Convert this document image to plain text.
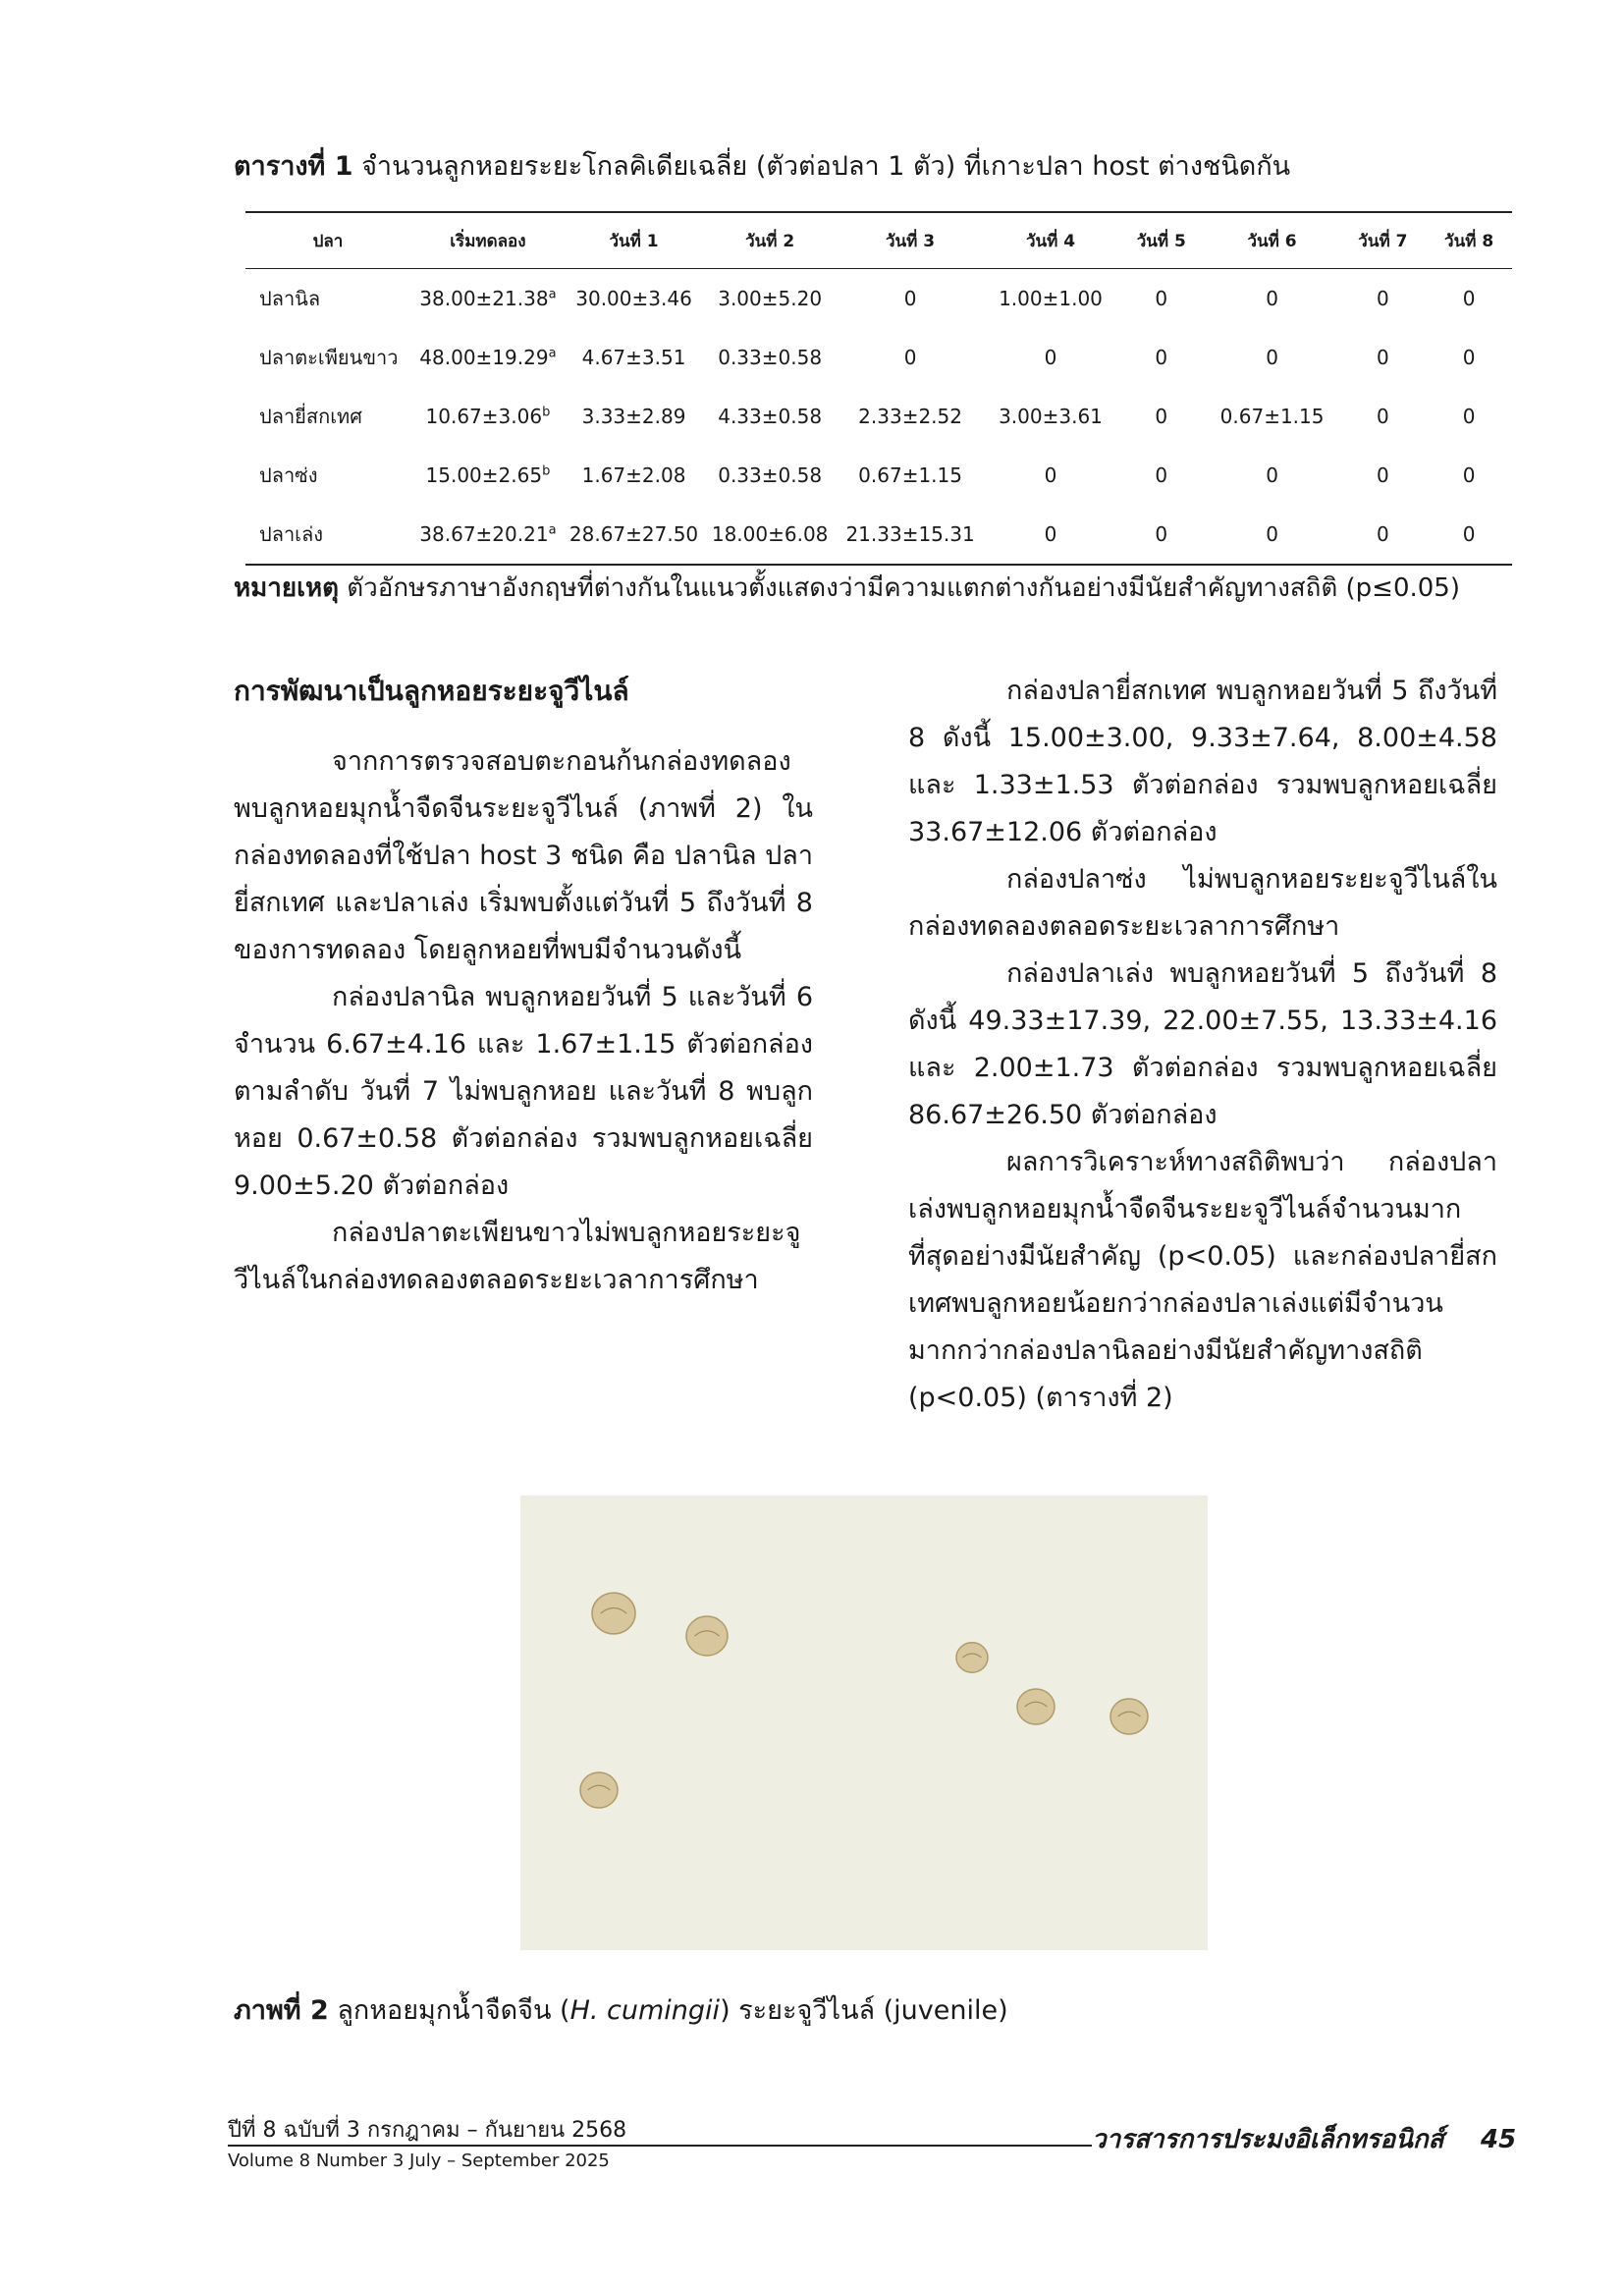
ตารางที่ 1 จำนวนลูกหอยระยะโกลคิเดียเฉลี่ย (ตัวต่อปลา 1 ตัว) ที่เกาะปลา host ต่างชนิดกัน
ปลา	เริ่มทดลอง	วันที่ 1	วันที่ 2	วันที่ 3	วันที่ 4	วันที่ 5	วันที่ 6	วันที่ 7	วันที่ 8
ปลานิล	38.00±21.38$^a$	30.00±3.46	3.00±5.20	0	1.00±1.00	0	0	0	0
ปลาตะเพียนขาว	48.00±19.29$^a$	4.67±3.51	0.33±0.58	0	0	0	0	0	0
ปลายี่สกเทศ	10.67±3.06$^b$	3.33±2.89	4.33±0.58	2.33±2.52	3.00±3.61	0	0.67±1.15	0	0
ปลาซ่ง	15.00±2.65$^b$	1.67±2.08	0.33±0.58	0.67±1.15	0	0	0	0	0
ปลาเล่ง	38.67±20.21$^a$	28.67±27.50	18.00±6.08	21.33±15.31	0	0	0	0	0
หมายเหตุ ตัวอักษรภาษาอังกฤษที่ต่างกันในแนวตั้งแสดงว่ามีความแตกต่างกันอย่างมีนัยสำคัญทางสถิติ (p≤0.05)

การพัฒนาเป็นลูกหอยระยะจูวีไนล์

จากการตรวจสอบตะกอนก้นกล่องทดลอง พบลูกหอยมุกน้ำจืดจีนระยะจูวีไนล์ (ภาพที่ 2) ในกล่องทดลองที่ใช้ปลา host 3 ชนิด คือ ปลานิล ปลายี่สกเทศ และปลาเล่ง เริ่มพบตั้งแต่วันที่ 5 ถึงวันที่ 8 ของการทดลอง โดยลูกหอยที่พบมีจำนวนดังนี้

กล่องปลานิล พบลูกหอยวันที่ 5 และวันที่ 6 จำนวน 6.67±4.16 และ 1.67±1.15 ตัวต่อกล่อง ตามลำดับ วันที่ 7 ไม่พบลูกหอย และวันที่ 8 พบลูกหอย 0.67±0.58 ตัวต่อกล่อง รวมพบลูกหอยเฉลี่ย 9.00±5.20 ตัวต่อกล่อง

กล่องปลาตะเพียนขาวไม่พบลูกหอยระยะจูวีไนล์ในกล่องทดลองตลอดระยะเวลาการศึกษา

กล่องปลายี่สกเทศ พบลูกหอยวันที่ 5 ถึงวันที่ 8 ดังนี้ 15.00±3.00, 9.33±7.64, 8.00±4.58 และ 1.33±1.53 ตัวต่อกล่อง รวมพบลูกหอยเฉลี่ย 33.67±12.06 ตัวต่อกล่อง

กล่องปลาซ่ง ไม่พบลูกหอยระยะจูวีไนล์ในกล่องทดลองตลอดระยะเวลาการศึกษา

กล่องปลาเล่ง พบลูกหอยวันที่ 5 ถึงวันที่ 8 ดังนี้ 49.33±17.39, 22.00±7.55, 13.33±4.16 และ 2.00±1.73 ตัวต่อกล่อง รวมพบลูกหอยเฉลี่ย 86.67±26.50 ตัวต่อกล่อง

ผลการวิเคราะห์ทางสถิติพบว่า กล่องปลาเล่งพบลูกหอยมุกน้ำจืดจีนระยะจูวีไนล์จำนวนมากที่สุดอย่างมีนัยสำคัญ (p<0.05) และกล่องปลายี่สกเทศพบลูกหอยน้อยกว่ากล่องปลาเล่งแต่มีจำนวนมากกว่ากล่องปลานิลอย่างมีนัยสำคัญทางสถิติ (p<0.05) (ตารางที่ 2)

ภาพที่ 2 ลูกหอยมุกน้ำจืดจีน (H. cumingii) ระยะจูวีไนล์ (juvenile)
ปีที่ 8 ฉบับที่ 3 กรกฎาคม – กันยายน 2568
Volume 8 Number 3 July – September 2025
วารสารการประมงอิเล็กทรอนิกส์ 45
